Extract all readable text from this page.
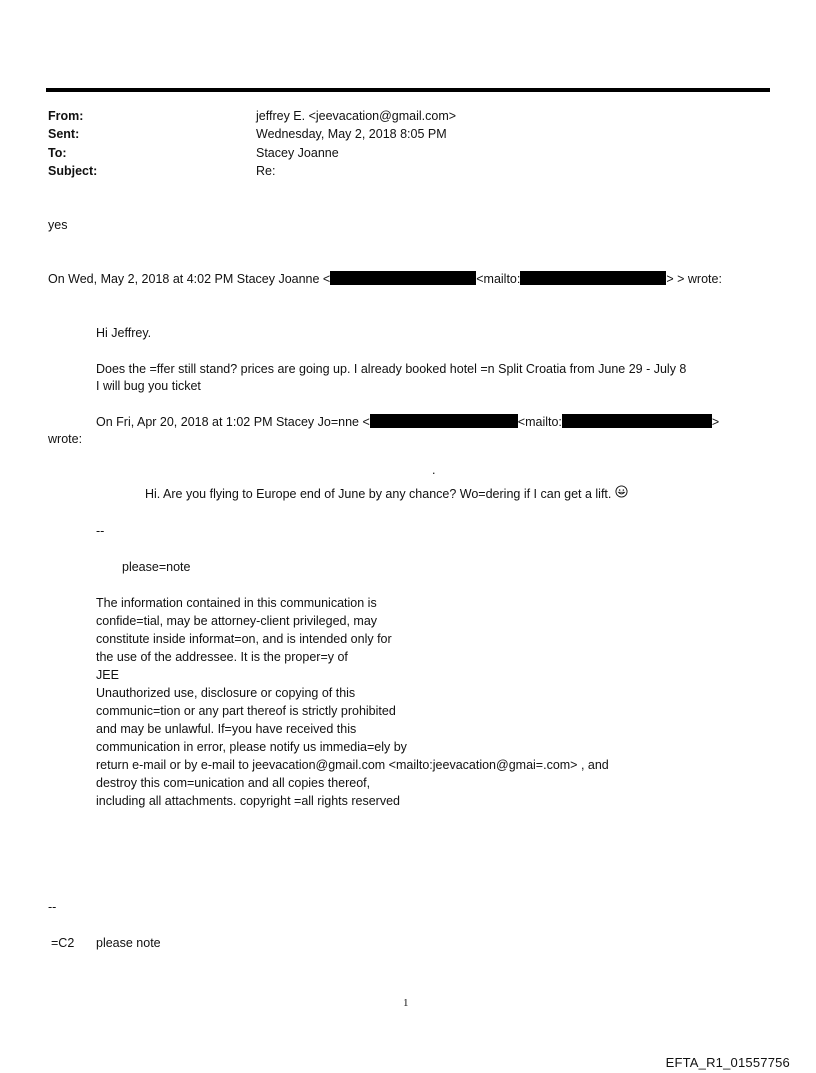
From:	jeffrey E. <jeevacation@gmail.com>
Sent:	Wednesday, May 2, 2018 8:05 PM
To:	Stacey Joanne
Subject:	Re:
yes
On Wed, May 2, 2018 at 4:02 PM Stacey Joanne <	<mailto:	> > wrote:
Hi Jeffrey.
Does the =ffer still stand? prices are going up. I already booked hotel =n Split Croatia from June 29 - July 8
I will bug you ticket
On Fri, Apr 20, 2018 at 1:02 PM Stacey Jo=nne <	<mailto:	>
wrote:
.
Hi. Are you flying to Europe end of June by any chance? Wo=dering if I can get a lift.
--
please=note
The information contained in this communication is
confide=tial, may be attorney-client privileged, may
constitute inside informat=on, and is intended only for
the use of the addressee. It is the proper=y of
JEE
Unauthorized use, disclosure or copying of this
communic=tion or any part thereof is strictly prohibited
and may be unlawful. If=you have received this
communication in error, please notify us immedia=ely by
return e-mail or by e-mail to jeevacation@gmail.com <mailto:jeevacation@gmai=.com> , and
destroy this com=unication and all copies thereof,
including all attachments. copyright =all rights reserved
--
=C2 please note
1
EFTA_R1_01557756
